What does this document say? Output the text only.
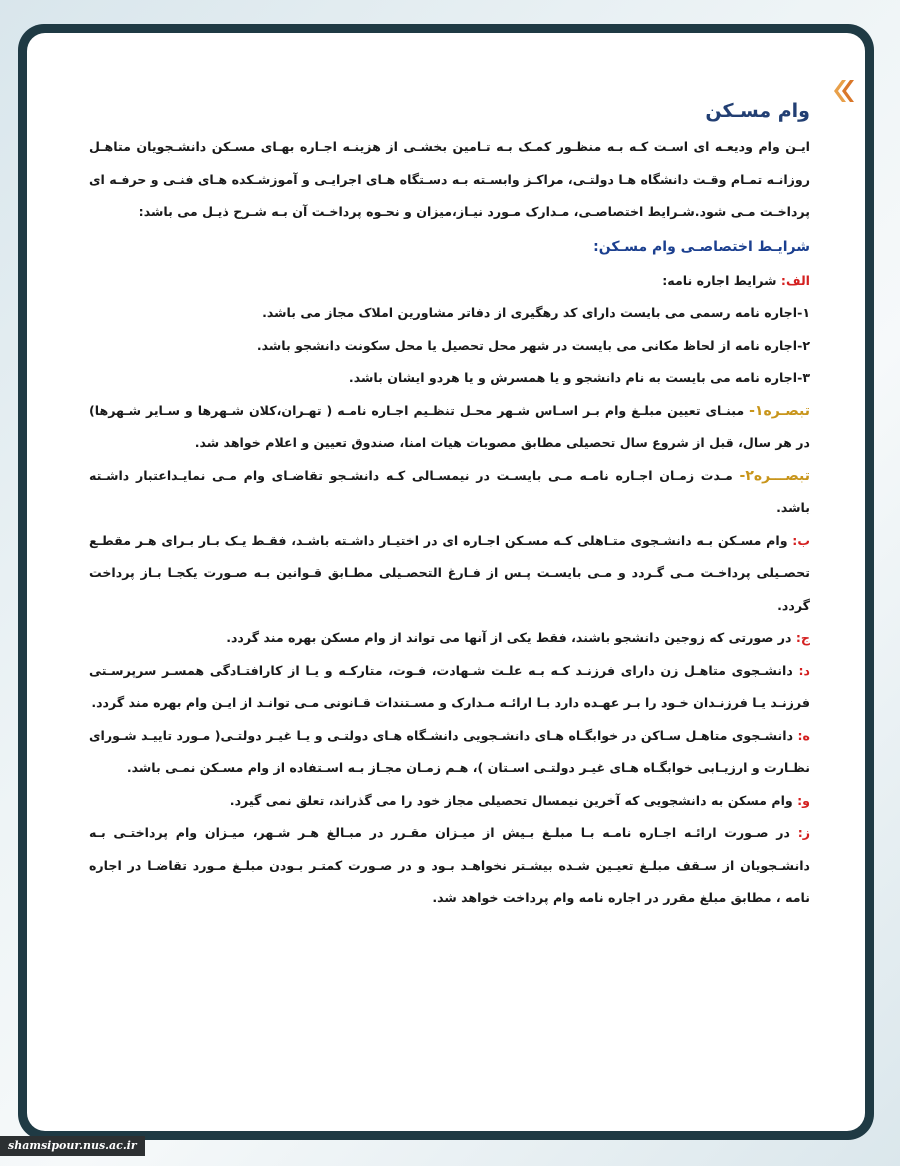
وام مسـکن

ایـن وام ودیعـه ای اسـت کـه بـه منظـور کمـک بـه تـامین بخشـی از هزینـه اجـاره بهـای مسـکن دانشـجویان متاهـل روزانـه تمـام وقـت دانشگاه هـا دولتـی، مراکـز وابسـته بـه دسـتگاه هـای اجرایـی و آموزشـکده هـای فنـی و حرفـه ای پرداخـت مـی شود.شـرایط اختصاصـی، مـدارک مـورد نیـاز،میزان و نحـوه پرداخـت آن بـه شـرح ذیـل می باشد:

شرایـط اختصاصـی وام مسـکن:

الف: شرایط اجاره نامه:

۱-اجاره نامه رسمی می بایست دارای کد رهگیری از دفاتر مشاورین املاک مجاز می باشد.

۲-اجاره نامه از لحاظ مکانی می بایست در شهر محل تحصیل یا محل سکونت دانشجو باشد.

۳-اجاره نامه می بایست به نام دانشجو و یا همسرش و یا هردو ایشان باشد.

تبصـره۱- مبنـای تعیین مبلـغ وام بـر اسـاس شـهر محـل تنظـیم اجـاره نامـه ( تهـران،کلان شـهرها و سـایر شـهرها) در هر سال، قبل از شروع سال تحصیلی مطابق مصوبات هیات امنا، صندوق تعیین و اعلام خواهد شد.

تبصـــره۲- مـدت زمـان اجـاره نامـه مـی بایسـت در نیمسـالی کـه دانشـجو تقاضـای وام مـی نمایـداعتبار داشـته باشد.

ب: وام مسـکن بـه دانشـجوی متـاهلی کـه مسـکن اجـاره ای در اختیـار داشـته باشـد، فقـط یـک بـار بـرای هـر مقطـع تحصـیلی پرداخـت مـی گـردد و مـی بایسـت پـس از فـارغ التحصـیلی مطـابق قـوانین بـه صـورت یکجـا بـاز پرداخت گردد.

ج: در صورتی که زوجین دانشجو باشند، فقط یکی از آنها می تواند از وام مسکن بهره مند گردد.

د: دانشـجوی متاهـل زن دارای فرزنـد کـه بـه علـت شـهادت، فـوت، متارکـه و یـا از کارافتـادگی همسـر سرپرسـتی فرزنـد یـا فرزنـدان خـود را بـر عهـده دارد بـا ارائـه مـدارک و مسـتندات قـانونی مـی توانـد از ایـن وام بهره مند گردد.

ه: دانشـجوی متاهـل سـاکن در خوابگـاه هـای دانشـجویی دانشـگاه هـای دولتـی و یـا غیـر دولتـی( مـورد تاییـد شـورای نظـارت و ارزیـابی خوابگـاه هـای غیـر دولتـی اسـتان )، هـم زمـان مجـاز بـه اسـتفاده از وام مسـکن نمـی باشد.

و: وام مسکن به دانشجویی که آخرین نیمسال تحصیلی مجاز خود را می گذراند، تعلق نمی گیرد.

ز: در صـورت ارائـه اجـاره نامـه بـا مبلـغ بـیش از میـزان مقـرر در مبـالغ هـر شـهر، میـزان وام پرداختـی بـه دانشـجویان از سـقف مبلـغ تعیـین شـده بیشـتر نخواهـد بـود و در صـورت کمتـر بـودن مبلـغ مـورد تقاضـا در اجاره نامه ، مطابق مبلغ مقرر در اجاره نامه وام پرداخت خواهد شد.

shamsipour.nus.ac.ir
